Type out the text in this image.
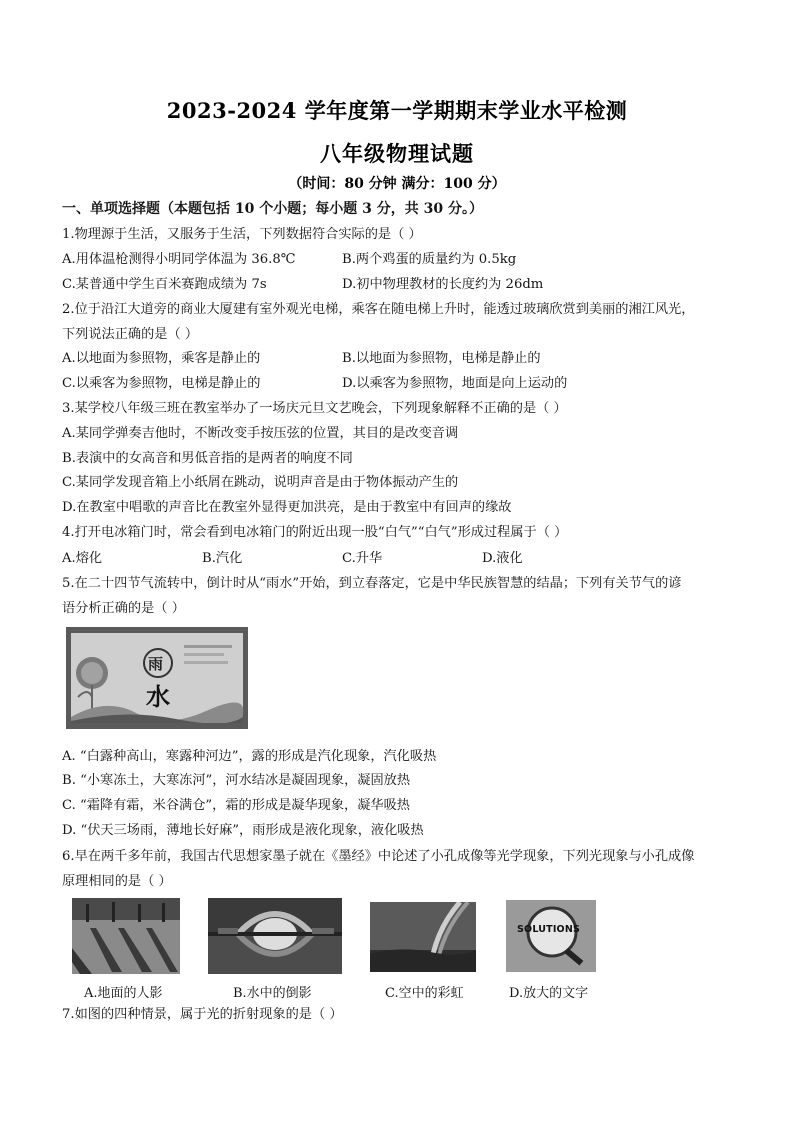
2023-2024 学年度第一学期期末学业水平检测
八年级物理试题
（时间：80 分钟 满分：100 分）
一、单项选择题（本题包括 10 个小题；每小题 3 分，共 30 分。）
1.物理源于生活，又服务于生活，下列数据符合实际的是（ ）
A.用体温枪测得小明同学体温为 36.8℃	B.两个鸡蛋的质量约为 0.5kg
C.某普通中学生百米赛跑成绩为 7s	D.初中物理教材的长度约为 26dm
2.位于沿江大道旁的商业大厦建有室外观光电梯，乘客在随电梯上升时，能透过玻璃欣赏到美丽的湘江风光，
下列说法正确的是（ ）
A.以地面为参照物，乘客是静止的	B.以地面为参照物，电梯是静止的
C.以乘客为参照物，电梯是静止的	D.以乘客为参照物，地面是向上运动的
3.某学校八年级三班在教室举办了一场庆元旦文艺晚会，下列现象解释不正确的是（ ）
A.某同学弹奏吉他时，不断改变手按压弦的位置，其目的是改变音调
B.表演中的女高音和男低音指的是两者的响度不同
C.某同学发现音箱上小纸屑在跳动，说明声音是由于物体振动产生的
D.在教室中唱歌的声音比在教室外显得更加洪亮，是由于教室中有回声的缘故
4.打开电冰箱门时，常会看到电冰箱门的附近出现一股“白气”“白气”形成过程属于（ ）
A.熔化	B.汽化	C.升华	D.液化
5.在二十四节气流转中，倒计时从“雨水”开始，到立春落定，它是中华民族智慧的结晶；下列有关节气的谚
语分析正确的是（ ）
雨
水
A. “白露种高山，寒露种河边”，露的形成是汽化现象，汽化吸热
B. “小寒冻土，大寒冻河”，河水结冰是凝固现象，凝固放热
C. “霜降有霜，米谷满仓”，霜的形成是凝华现象，凝华吸热
D. “伏天三场雨，薄地长好麻”，雨形成是液化现象，液化吸热
6.早在两千多年前，我国古代思想家墨子就在《墨经》中论述了小孔成像等光学现象，下列光现象与小孔成像
原理相同的是（ ）
SOLUTIONS
A.地面的人影	B.水中的倒影	C.空中的彩虹	D.放大的文字
7.如图的四种情景，属于光的折射现象的是（ ）
